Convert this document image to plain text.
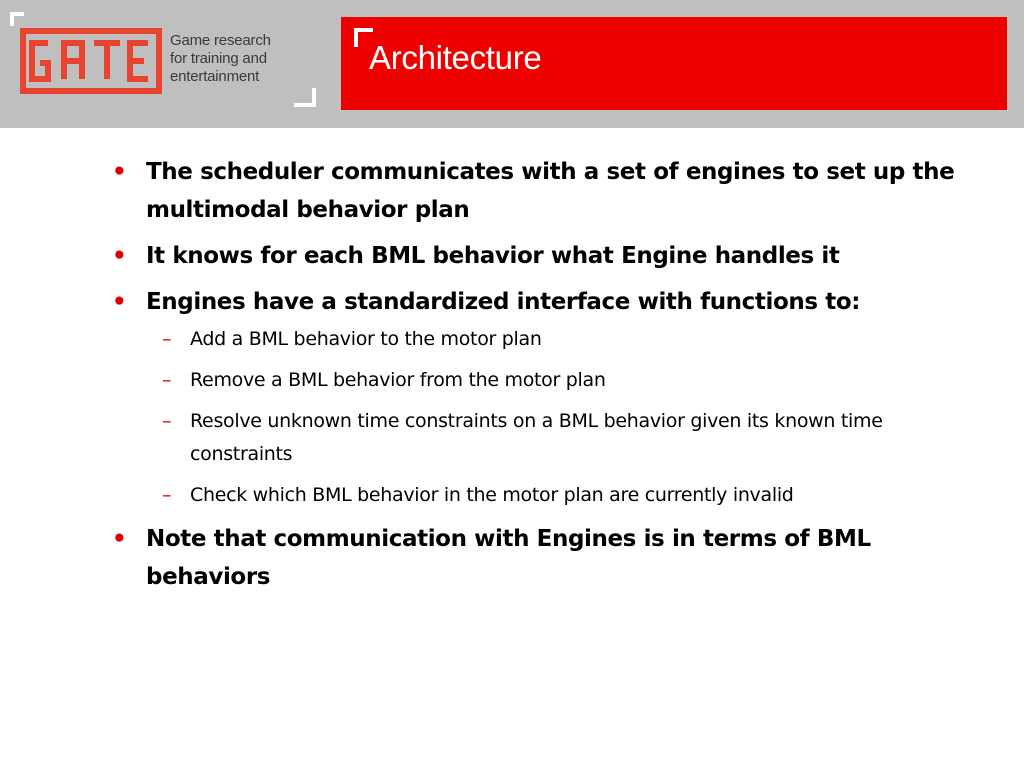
Game research
for training and
entertainment
Architecture
• The scheduler communicates with a set of engines to set up the multimodal behavior plan
• It knows for each BML behavior what Engine handles it
• Engines have a standardized interface with functions to:
– Add a BML behavior to the motor plan
– Remove a BML behavior from the motor plan
– Resolve unknown time constraints on a BML behavior given its known time constraints
– Check which BML behavior in the motor plan are currently invalid
• Note that communication with Engines is in terms of BML behaviors
